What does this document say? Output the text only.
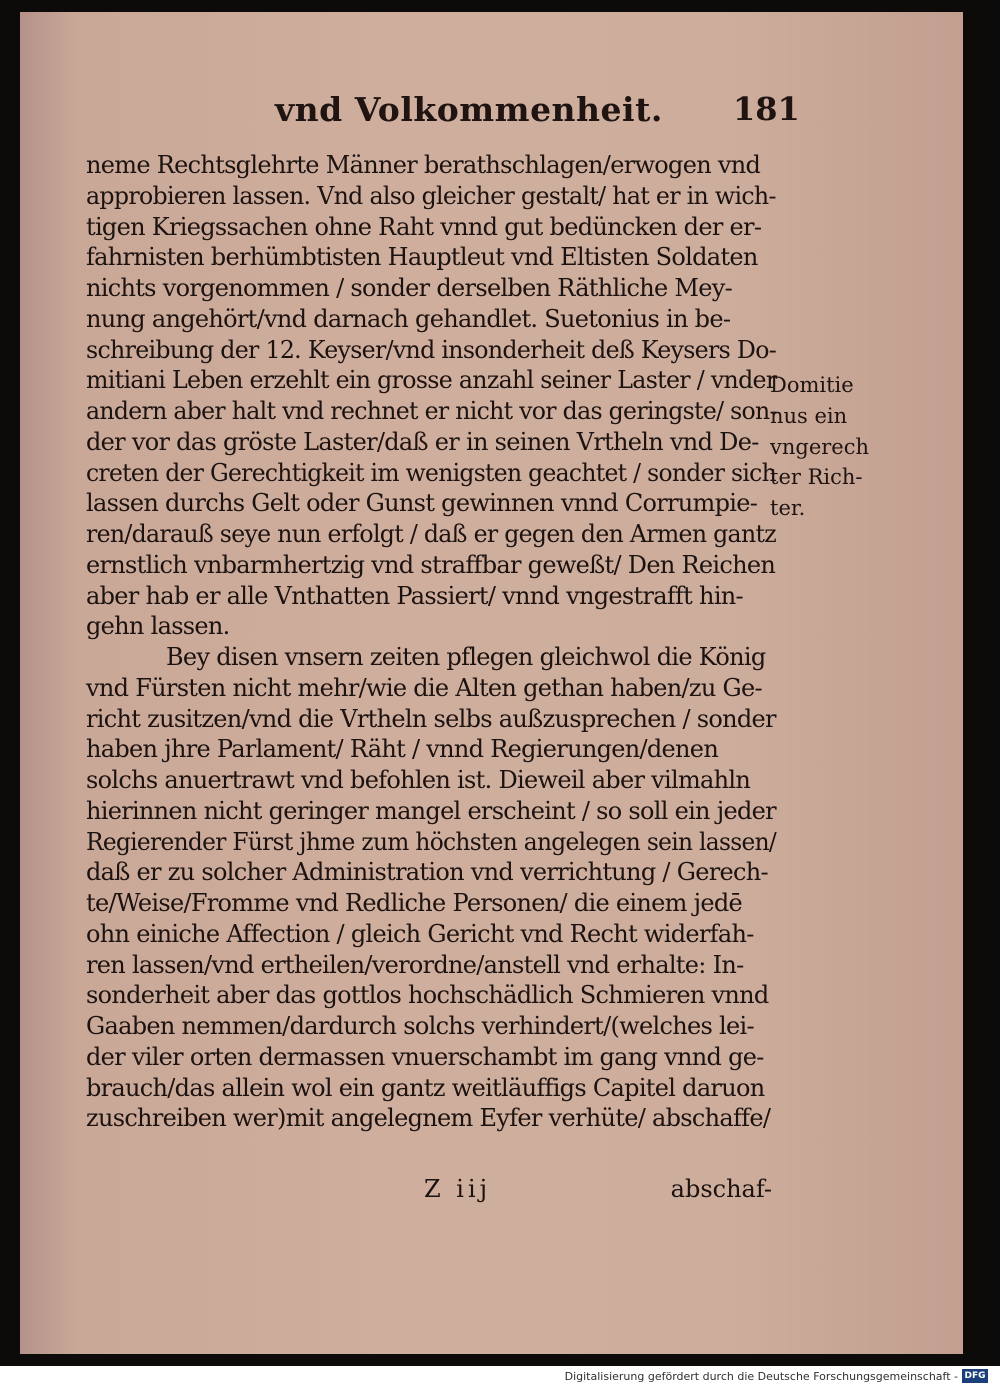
vnd Volkommenheit. 181
neme Rechtsglehrte Männer berathschlagen/erwogen vnd
approbieren lassen. Vnd also gleicher gestalt/ hat er in wich-
tigen Kriegssachen ohne Raht vnnd gut bedüncken der er-
fahrnisten berhümbtisten Hauptleut vnd Eltisten Soldaten
nichts vorgenommen / sonder derselben Räthliche Mey-
nung angehört/vnd darnach gehandlet. Suetonius in be-
schreibung der 12. Keyser/vnd insonderheit deß Keysers Do-
mitiani Leben erzehlt ein grosse anzahl seiner Laster / vnder
andern aber halt vnd rechnet er nicht vor das geringste/ son-
der vor das gröste Laster/daß er in seinen Vrtheln vnd De-
creten der Gerechtigkeit im wenigsten geachtet / sonder sich
lassen durchs Gelt oder Gunst gewinnen vnnd Corrumpie-
ren/darauß seye nun erfolgt / daß er gegen den Armen gantz
ernstlich vnbarmhertzig vnd straffbar geweßt/ Den Reichen
aber hab er alle Vnthatten Passiert/ vnnd vngestrafft hin-
gehn lassen.
Bey disen vnsern zeiten pflegen gleichwol die König
vnd Fürsten nicht mehr/wie die Alten gethan haben/zu Ge-
richt zusitzen/vnd die Vrtheln selbs außzusprechen / sonder
haben jhre Parlament/ Räht / vnnd Regierungen/denen
solchs anuertrawt vnd befohlen ist. Dieweil aber vilmahln
hierinnen nicht geringer mangel erscheint / so soll ein jeder
Regierender Fürst jhme zum höchsten angelegen sein lassen/
daß er zu solcher Administration vnd verrichtung / Gerech-
te/Weise/Fromme vnd Redliche Personen/ die einem jedē
ohn einiche Affection / gleich Gericht vnd Recht widerfah-
ren lassen/vnd ertheilen/verordne/anstell vnd erhalte: In-
sonderheit aber das gottlos hochschädlich Schmieren vnnd
Gaaben nemmen/dardurch solchs verhindert/(welches lei-
der viler orten dermassen vnuerschambt im gang vnnd ge-
brauch/das allein wol ein gantz weitläuffigs Capitel daruon
zuschreiben wer)mit angelegnem Eyfer verhüte/ abschaffe/
Domitie
nus ein
vngerech
ter Rich-
ter.
Z iij	abschaf-
Digitalisierung gefördert durch die Deutsche Forschungsgemeinschaft - DFG
